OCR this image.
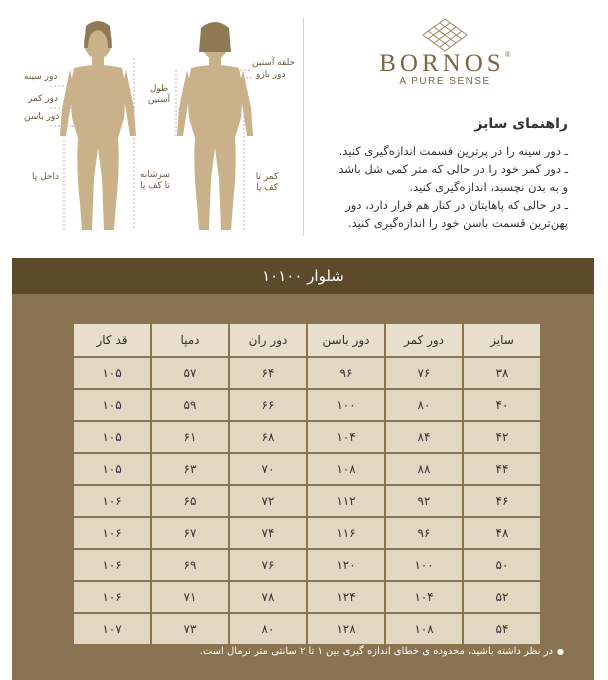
دور سینه
دور کمر
دور باسن
داخل پا	سرشانه تا کف پا
طول آستین
حلقه آستین
دور بازو
کمر تا کف پا
BORNOS®
A PURE SENSE
راهنمای سایز

ـ دور سینه را در پرترین قسمت اندازه‌گیری کنید.

ـ دور کمر خود را در حالی که متر کمی شل باشد

و به بدن نچسبد، اندازه‌گیری کنید.

ـ در حالی که پاهایتان در کنار هم قرار دارد، دور

پهن‌ترین قسمت باسن خود را اندازه‌گیری کنید.

شلوار ۱۰۱۰۰
سایز	دور کمر	دور باسن	دور ران	دمپا	قد کار
۳۸	۷۶	۹۶	۶۴	۵۷	۱۰۵
۴۰	۸۰	۱۰۰	۶۶	۵۹	۱۰۵
۴۲	۸۴	۱۰۴	۶۸	۶۱	۱۰۵
۴۴	۸۸	۱۰۸	۷۰	۶۳	۱۰۵
۴۶	۹۲	۱۱۲	۷۲	۶۵	۱۰۶
۴۸	۹۶	۱۱۶	۷۴	۶۷	۱۰۶
۵۰	۱۰۰	۱۲۰	۷۶	۶۹	۱۰۶
۵۲	۱۰۴	۱۲۴	۷۸	۷۱	۱۰۶
۵۴	۱۰۸	۱۲۸	۸۰	۷۳	۱۰۷
●در نظر داشته باشید، محدوده ی خطای اندازه گیری بین ۱ تا ۲ سانتی متر نرمال است.
